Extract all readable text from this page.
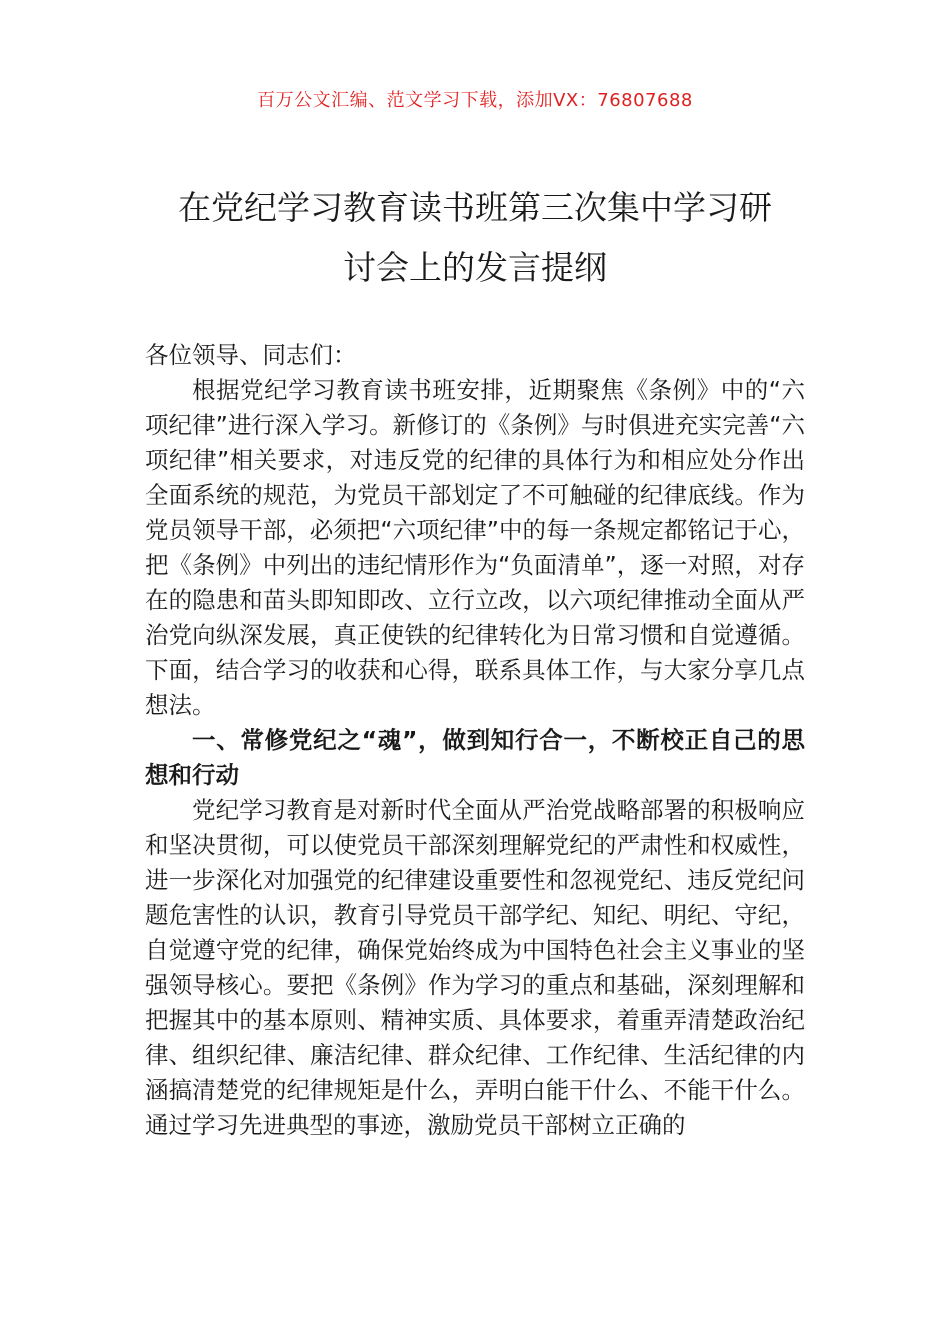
百万公文汇编、范文学习下载，添加VX：76807688
在党纪学习教育读书班第三次集中学习研
讨会上的发言提纲

各位领导、同志们：

根据党纪学习教育读书班安排，近期聚焦《条例》中的“六项纪律”进行深入学习。新修订的《条例》与时俱进充实完善“六项纪律”相关要求，对违反党的纪律的具体行为和相应处分作出全面系统的规范，为党员干部划定了不可触碰的纪律底线。作为党员领导干部，必须把“六项纪律”中的每一条规定都铭记于心，把《条例》中列出的违纪情形作为“负面清单”，逐一对照，对存在的隐患和苗头即知即改、立行立改，以六项纪律推动全面从严治党向纵深发展，真正使铁的纪律转化为日常习惯和自觉遵循。下面，结合学习的收获和心得，联系具体工作，与大家分享几点想法。

一、常修党纪之“魂”，做到知行合一，不断校正自己的思想和行动

党纪学习教育是对新时代全面从严治党战略部署的积极响应和坚决贯彻，可以使党员干部深刻理解党纪的严肃性和权威性，进一步深化对加强党的纪律建设重要性和忽视党纪、违反党纪问题危害性的认识，教育引导党员干部学纪、知纪、明纪、守纪，自觉遵守党的纪律，确保党始终成为中国特色社会主义事业的坚强领导核心。要把《条例》作为学习的重点和基础，深刻理解和把握其中的基本原则、精神实质、具体要求，着重弄清楚政治纪律、组织纪律、廉洁纪律、群众纪律、工作纪律、生活纪律的内涵搞清楚党的纪律规矩是什么，弄明白能干什么、不能干什么。通过学习先进典型的事迹，激励党员干部树立正确的
